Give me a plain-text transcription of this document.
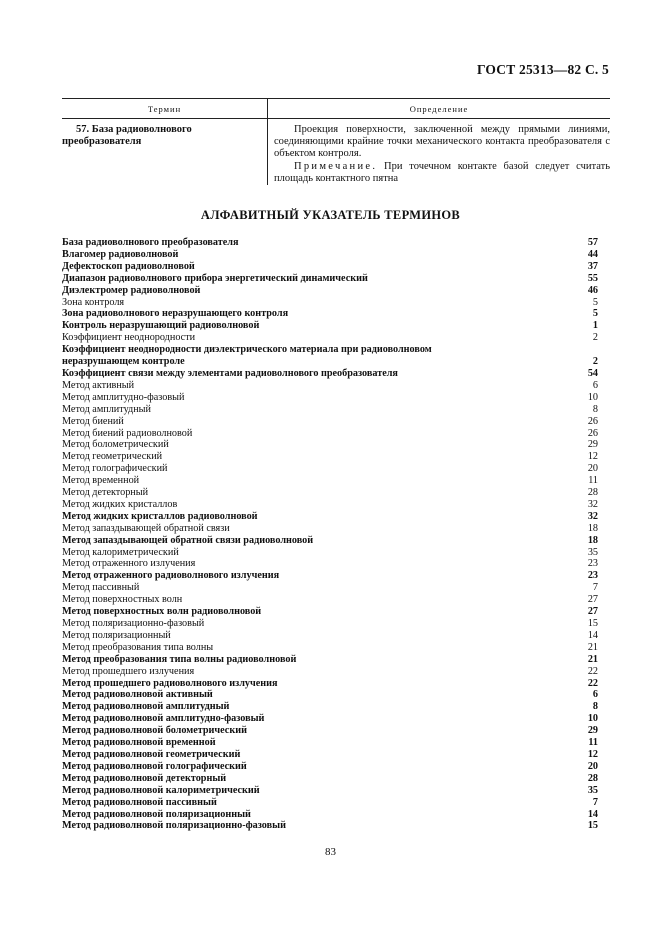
ГОСТ 25313—82 С. 5
Термин	Определение
57. База радиоволнового преобразователя	Проекция поверхности, заключенной между прямыми линиями, соединяющими крайние точки механического контакта преобразователя с объектом контроля.

Примечание. При точечном контакте базой следует считать площадь контактного пятна

АЛФАВИТНЫЙ УКАЗАТЕЛЬ ТЕРМИНОВ
База радиоволнового преобразователя	57
Влагомер радиоволновой	44
Дефектоскоп радиоволновой	37
Диапазон радиоволнового прибора энергетический динамический	55
Диэлектромер радиоволновой	46
Зона контроля	5
Зона радиоволнового неразрушающего контроля	5
Контроль неразрушающий радиоволновой	1
Коэффициент неоднородности	2
Коэффициент неоднородности диэлектрического материала при радиоволновом
неразрушающем контроле	2
Коэффициент связи между элементами радиоволнового преобразователя	54
Метод активный	6
Метод амплитудно-фазовый	10
Метод амплитудный	8
Метод биений	26
Метод биений радиоволновой	26
Метод болометрический	29
Метод геометрический	12
Метод голографический	20
Метод временной	11
Метод детекторный	28
Метод жидких кристаллов	32
Метод жидких кристаллов радиоволновой	32
Метод запаздывающей обратной связи	18
Метод запаздывающей обратной связи радиоволновой	18
Метод калориметрический	35
Метод отраженного излучения	23
Метод отраженного радиоволнового излучения	23
Метод пассивный	7
Метод поверхностных волн	27
Метод поверхностных волн радиоволновой	27
Метод поляризационно-фазовый	15
Метод поляризационный	14
Метод преобразования типа волны	21
Метод преобразования типа волны радиоволновой	21
Метод прошедшего излучения	22
Метод прошедшего радиоволнового излучения	22
Метод радиоволновой активный	6
Метод радиоволновой амплитудный	8
Метод радиоволновой амплитудно-фазовый	10
Метод радиоволновой болометрический	29
Метод радиоволновой временной	11
Метод радиоволновой геометрический	12
Метод радиоволновой голографический	20
Метод радиоволновой детекторный	28
Метод радиоволновой калориметрический	35
Метод радиоволновой пассивный	7
Метод радиоволновой поляризационный	14
Метод радиоволновой поляризационно-фазовый	15
83
